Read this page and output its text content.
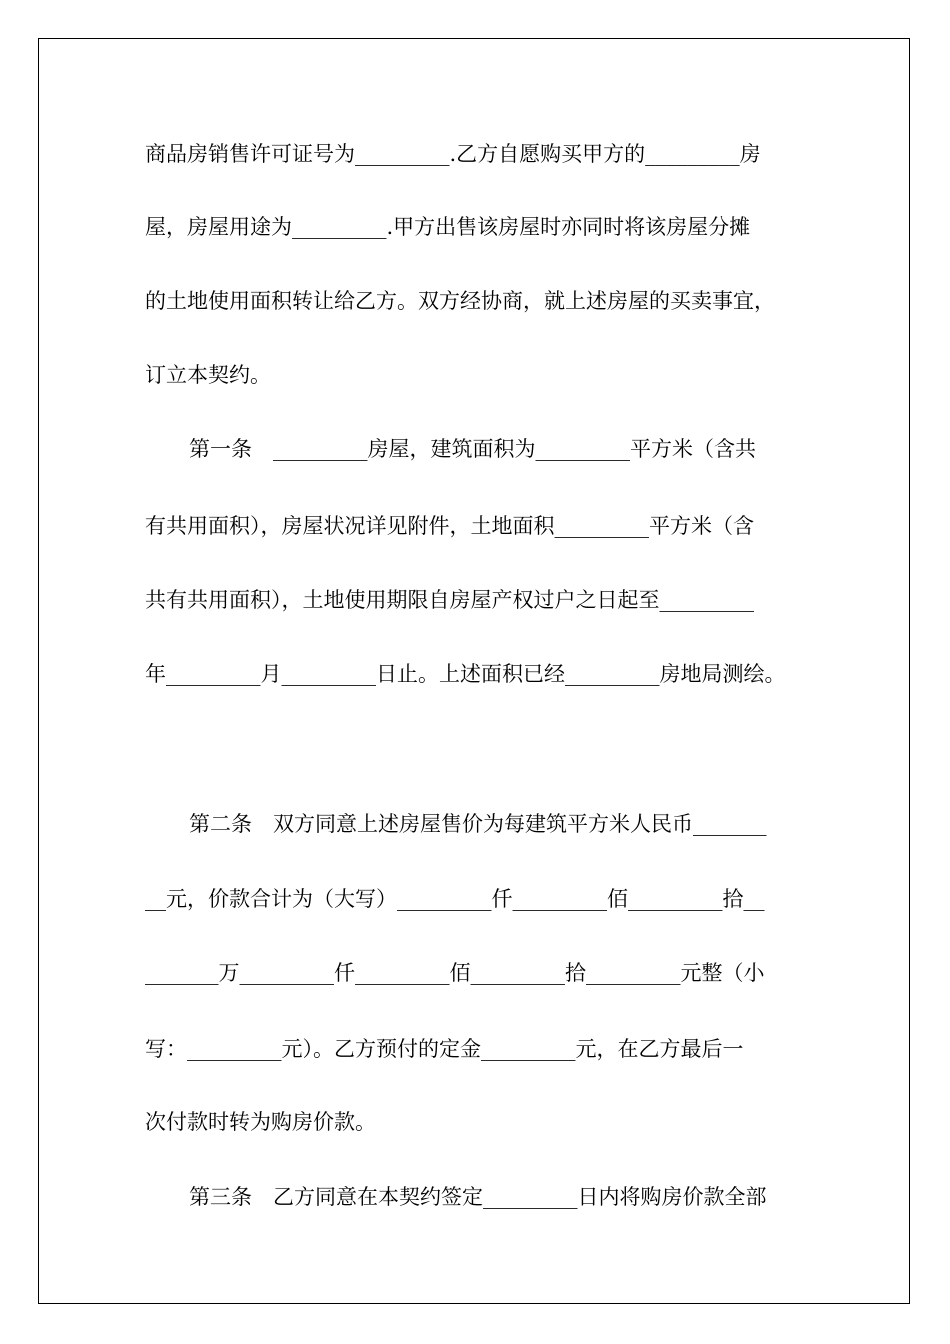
商品房销售许可证号为_________.乙方自愿购买甲方的_________房
屋，房屋用途为_________.甲方出售该房屋时亦同时将该房屋分摊
的土地使用面积转让给乙方。双方经协商，就上述房屋的买卖事宜，
订立本契约。
第一条　_________房屋，建筑面积为_________平方米（含共
有共用面积），房屋状况详见附件，土地面积_________平方米（含
共有共用面积），土地使用期限自房屋产权过户之日起至_________
年_________月_________日止。上述面积已经_________房地局测绘。
第二条　双方同意上述房屋售价为每建筑平方米人民币_______
__元，价款合计为（大写）_________仟_________佰_________拾__
_______万_________仟_________佰_________拾_________元整（小
写：_________元）。乙方预付的定金_________元，在乙方最后一
次付款时转为购房价款。
第三条　乙方同意在本契约签定_________日内将购房价款全部
